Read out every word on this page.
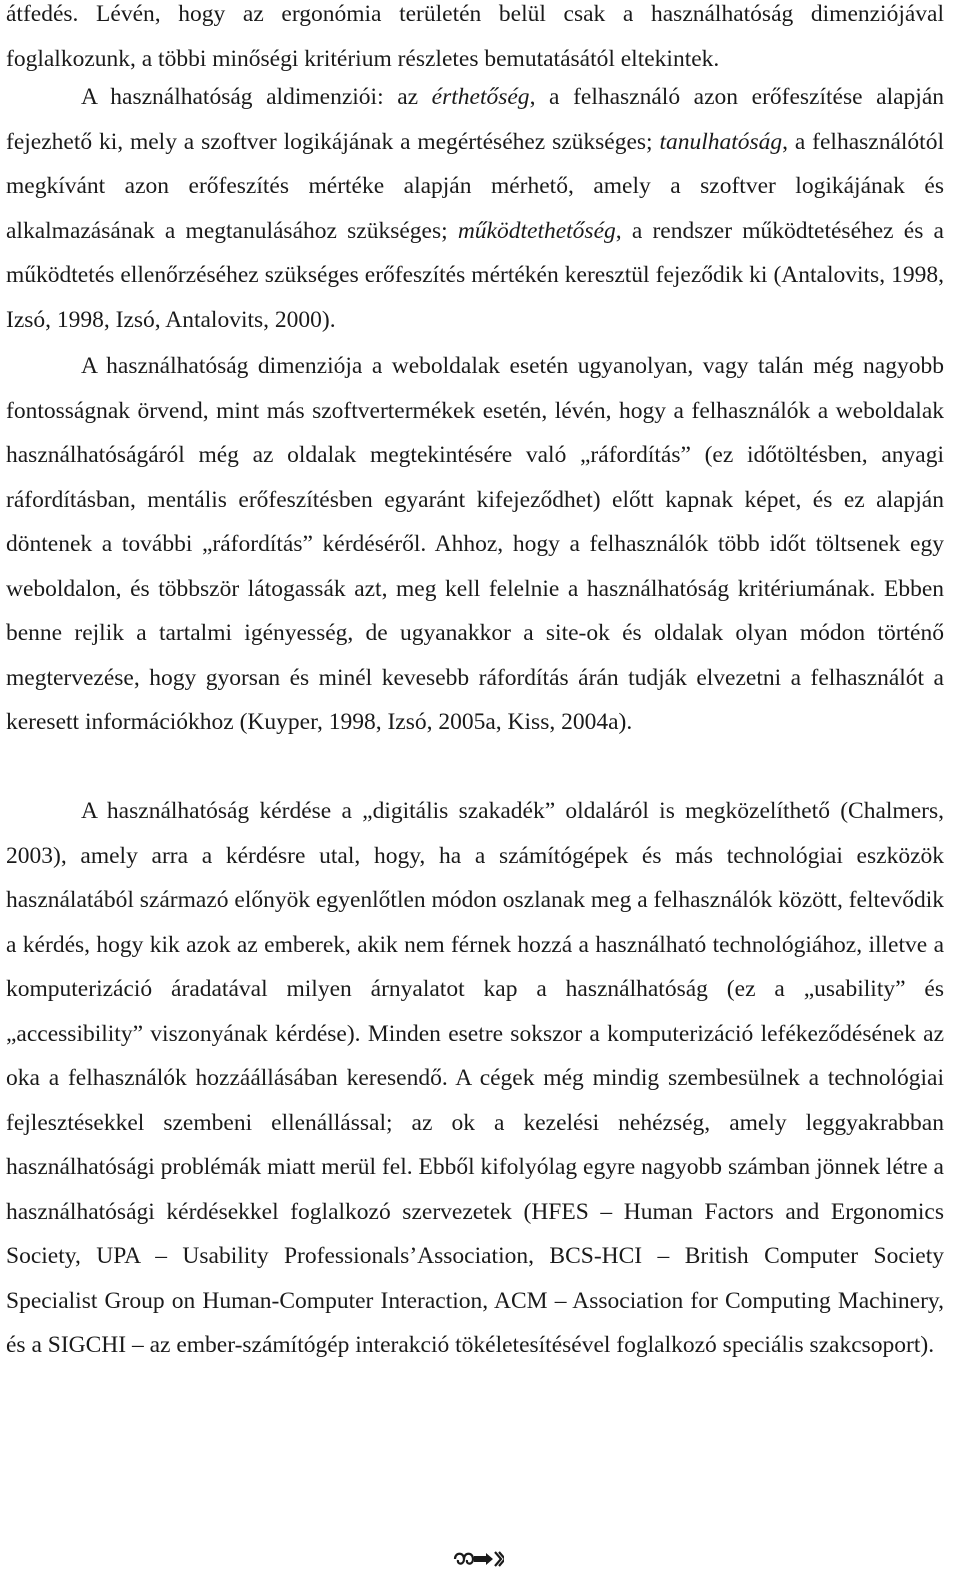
átfedés. Lévén, hogy az ergonómia területén belül csak a használhatóság dimenziójával foglalkozunk, a többi minőségi kritérium részletes bemutatásától eltekintek.

A használhatóság aldimenziói: az érthetőség, a felhasználó azon erőfeszítése alapján fejezhető ki, mely a szoftver logikájának a megértéséhez szükséges; tanulhatóság, a felhasználótól megkívánt azon erőfeszítés mértéke alapján mérhető, amely a szoftver logikájának és alkalmazásának a megtanulásához szükséges; működtethetőség, a rendszer működtetéséhez és a működtetés ellenőrzéséhez szükséges erőfeszítés mértékén keresztül fejeződik ki (Antalovits, 1998, Izsó, 1998, Izsó, Antalovits, 2000).

A használhatóság dimenziója a weboldalak esetén ugyanolyan, vagy talán még nagyobb fontosságnak örvend, mint más szoftvertermékek esetén, lévén, hogy a felhasználók a weboldalak használhatóságáról még az oldalak megtekintésére való „ráfordítás” (ez időtöltésben, anyagi ráfordításban, mentális erőfeszítésben egyaránt kifejeződhet) előtt kapnak képet, és ez alapján döntenek a további „ráfordítás” kérdéséről. Ahhoz, hogy a felhasználók több időt töltsenek egy weboldalon, és többször látogassák azt, meg kell felelnie a használhatóság kritériumának. Ebben benne rejlik a tartalmi igényesség, de ugyanakkor a site-ok és oldalak olyan módon történő megtervezése, hogy gyorsan és minél kevesebb ráfordítás árán tudják elvezetni a felhasználót a keresett információkhoz (Kuyper, 1998, Izsó, 2005a, Kiss, 2004a).

A használhatóság kérdése a „digitális szakadék” oldaláról is megközelíthető (Chalmers, 2003), amely arra a kérdésre utal, hogy, ha a számítógépek és más technológiai eszközök használatából származó előnyök egyenlőtlen módon oszlanak meg a felhasználók között, feltevődik a kérdés, hogy kik azok az emberek, akik nem férnek hozzá a használható technológiához, illetve a komputerizáció áradatával milyen árnyalatot kap a használhatóság (ez a „usability” és „accessibility” viszonyának kérdése). Minden esetre sokszor a komputerizáció lefékeződésének az oka a felhasználók hozzáállásában keresendő. A cégek még mindig szembesülnek a technológiai fejlesztésekkel szembeni ellenállással; az ok a kezelési nehézség, amely leggyakrabban használhatósági problémák miatt merül fel. Ebből kifolyólag egyre nagyobb számban jönnek létre a használhatósági kérdésekkel foglalkozó szervezetek (HFES – Human Factors and Ergonomics Society, UPA – Usability Professionals’Association, BCS-HCI – British Computer Society Specialist Group on Human-Computer Interaction, ACM – Association for Computing Machinery, és a SIGCHI – az ember-számítógép interakció tökéletesítésével foglalkozó speciális szakcsoport).
